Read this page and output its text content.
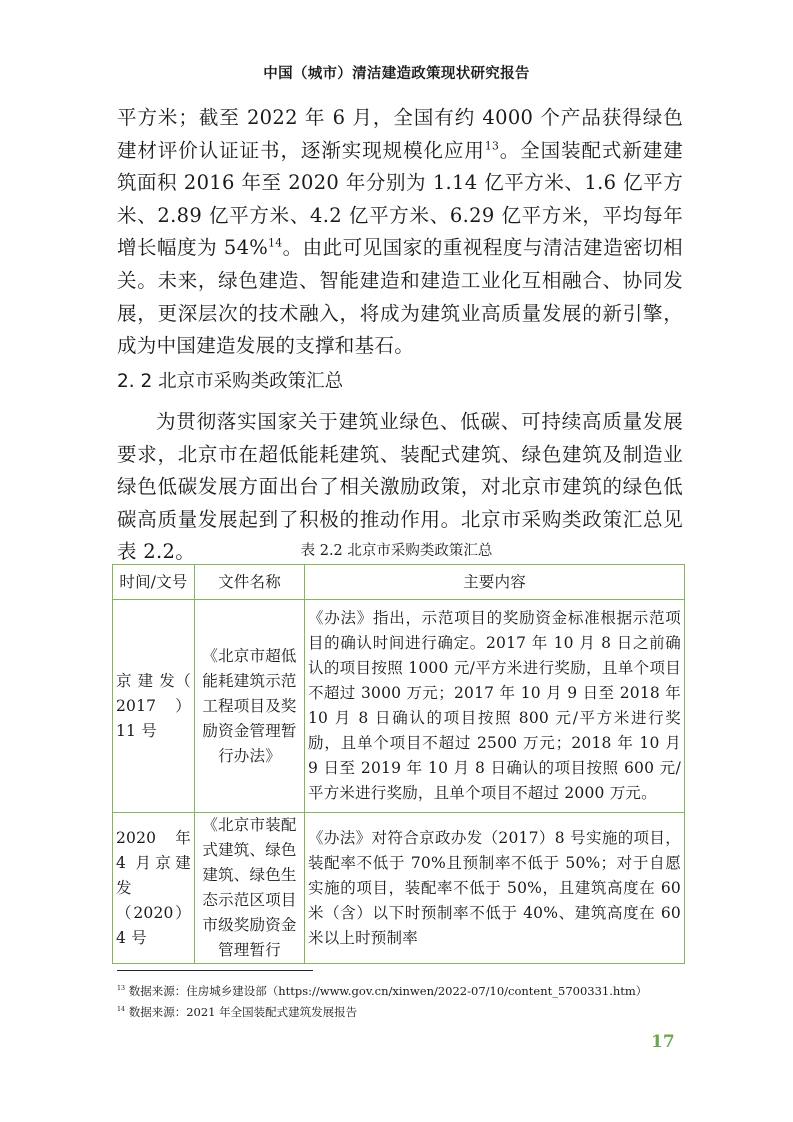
中国（城市）清洁建造政策现状研究报告

平方米；截至 2022 年 6 月，全国有约 4000 个产品获得绿色建材评价认证证书，逐渐实现规模化应用$^{13}$。全国装配式新建建筑面积 2016 年至 2020 年分别为 1.14 亿平方米、1.6 亿平方米、2.89 亿平方米、4.2 亿平方米、6.29 亿平方米，平均每年增长幅度为 54%$^{14}$。由此可见国家的重视程度与清洁建造密切相关。未来，绿色建造、智能建造和建造工业化互相融合、协同发展，更深层次的技术融入，将成为建筑业高质量发展的新引擎，成为中国建造发展的支撑和基石。

2. 2 北京市采购类政策汇总

为贯彻落实国家关于建筑业绿色、低碳、可持续高质量发展要求，北京市在超低能耗建筑、装配式建筑、绿色建筑及制造业绿色低碳发展方面出台了相关激励政策，对北京市建筑的绿色低碳高质量发展起到了积极的推动作用。北京市采购类政策汇总见表 2.2。	表 2.2 北京市采购类政策汇总
时间/文号	文件名称	主要内容
京 建 发（ 2017 ）11 号	《北京市超低能耗建筑示范工程项目及奖励资金管理暂行办法》	《办法》指出，示范项目的奖励资金标准根据示范项目的确认时间进行确定。2017 年 10 月 8 日之前确认的项目按照 1000 元/平方米进行奖励，且单个项目不超过 3000 万元；2017 年 10 月 9 日至 2018 年 10 月 8 日确认的项目按照 800 元/平方米进行奖励，且单个项目不超过 2500 万元；2018 年 10 月 9 日至 2019 年 10 月 8 日确认的项目按照 600 元/平方米进行奖励，且单个项目不超过 2000 万元。
2020 年 4 月京建发（2020）4 号	《北京市装配式建筑、绿色建筑、绿色生态示范区项目市级奖励资金管理暂行	《办法》对符合京政办发（2017）8 号实施的项目，装配率不低于 70%且预制率不低于 50%；对于自愿实施的项目，装配率不低于 50%，且建筑高度在 60 米（含）以下时预制率不低于 40%、建筑高度在 60 米以上时预制率

$^{13}$ 数据来源：住房城乡建设部（https://www.gov.cn/xinwen/2022-07/10/content_5700331.htm）

$^{14}$ 数据来源：2021 年全国装配式建筑发展报告

17
